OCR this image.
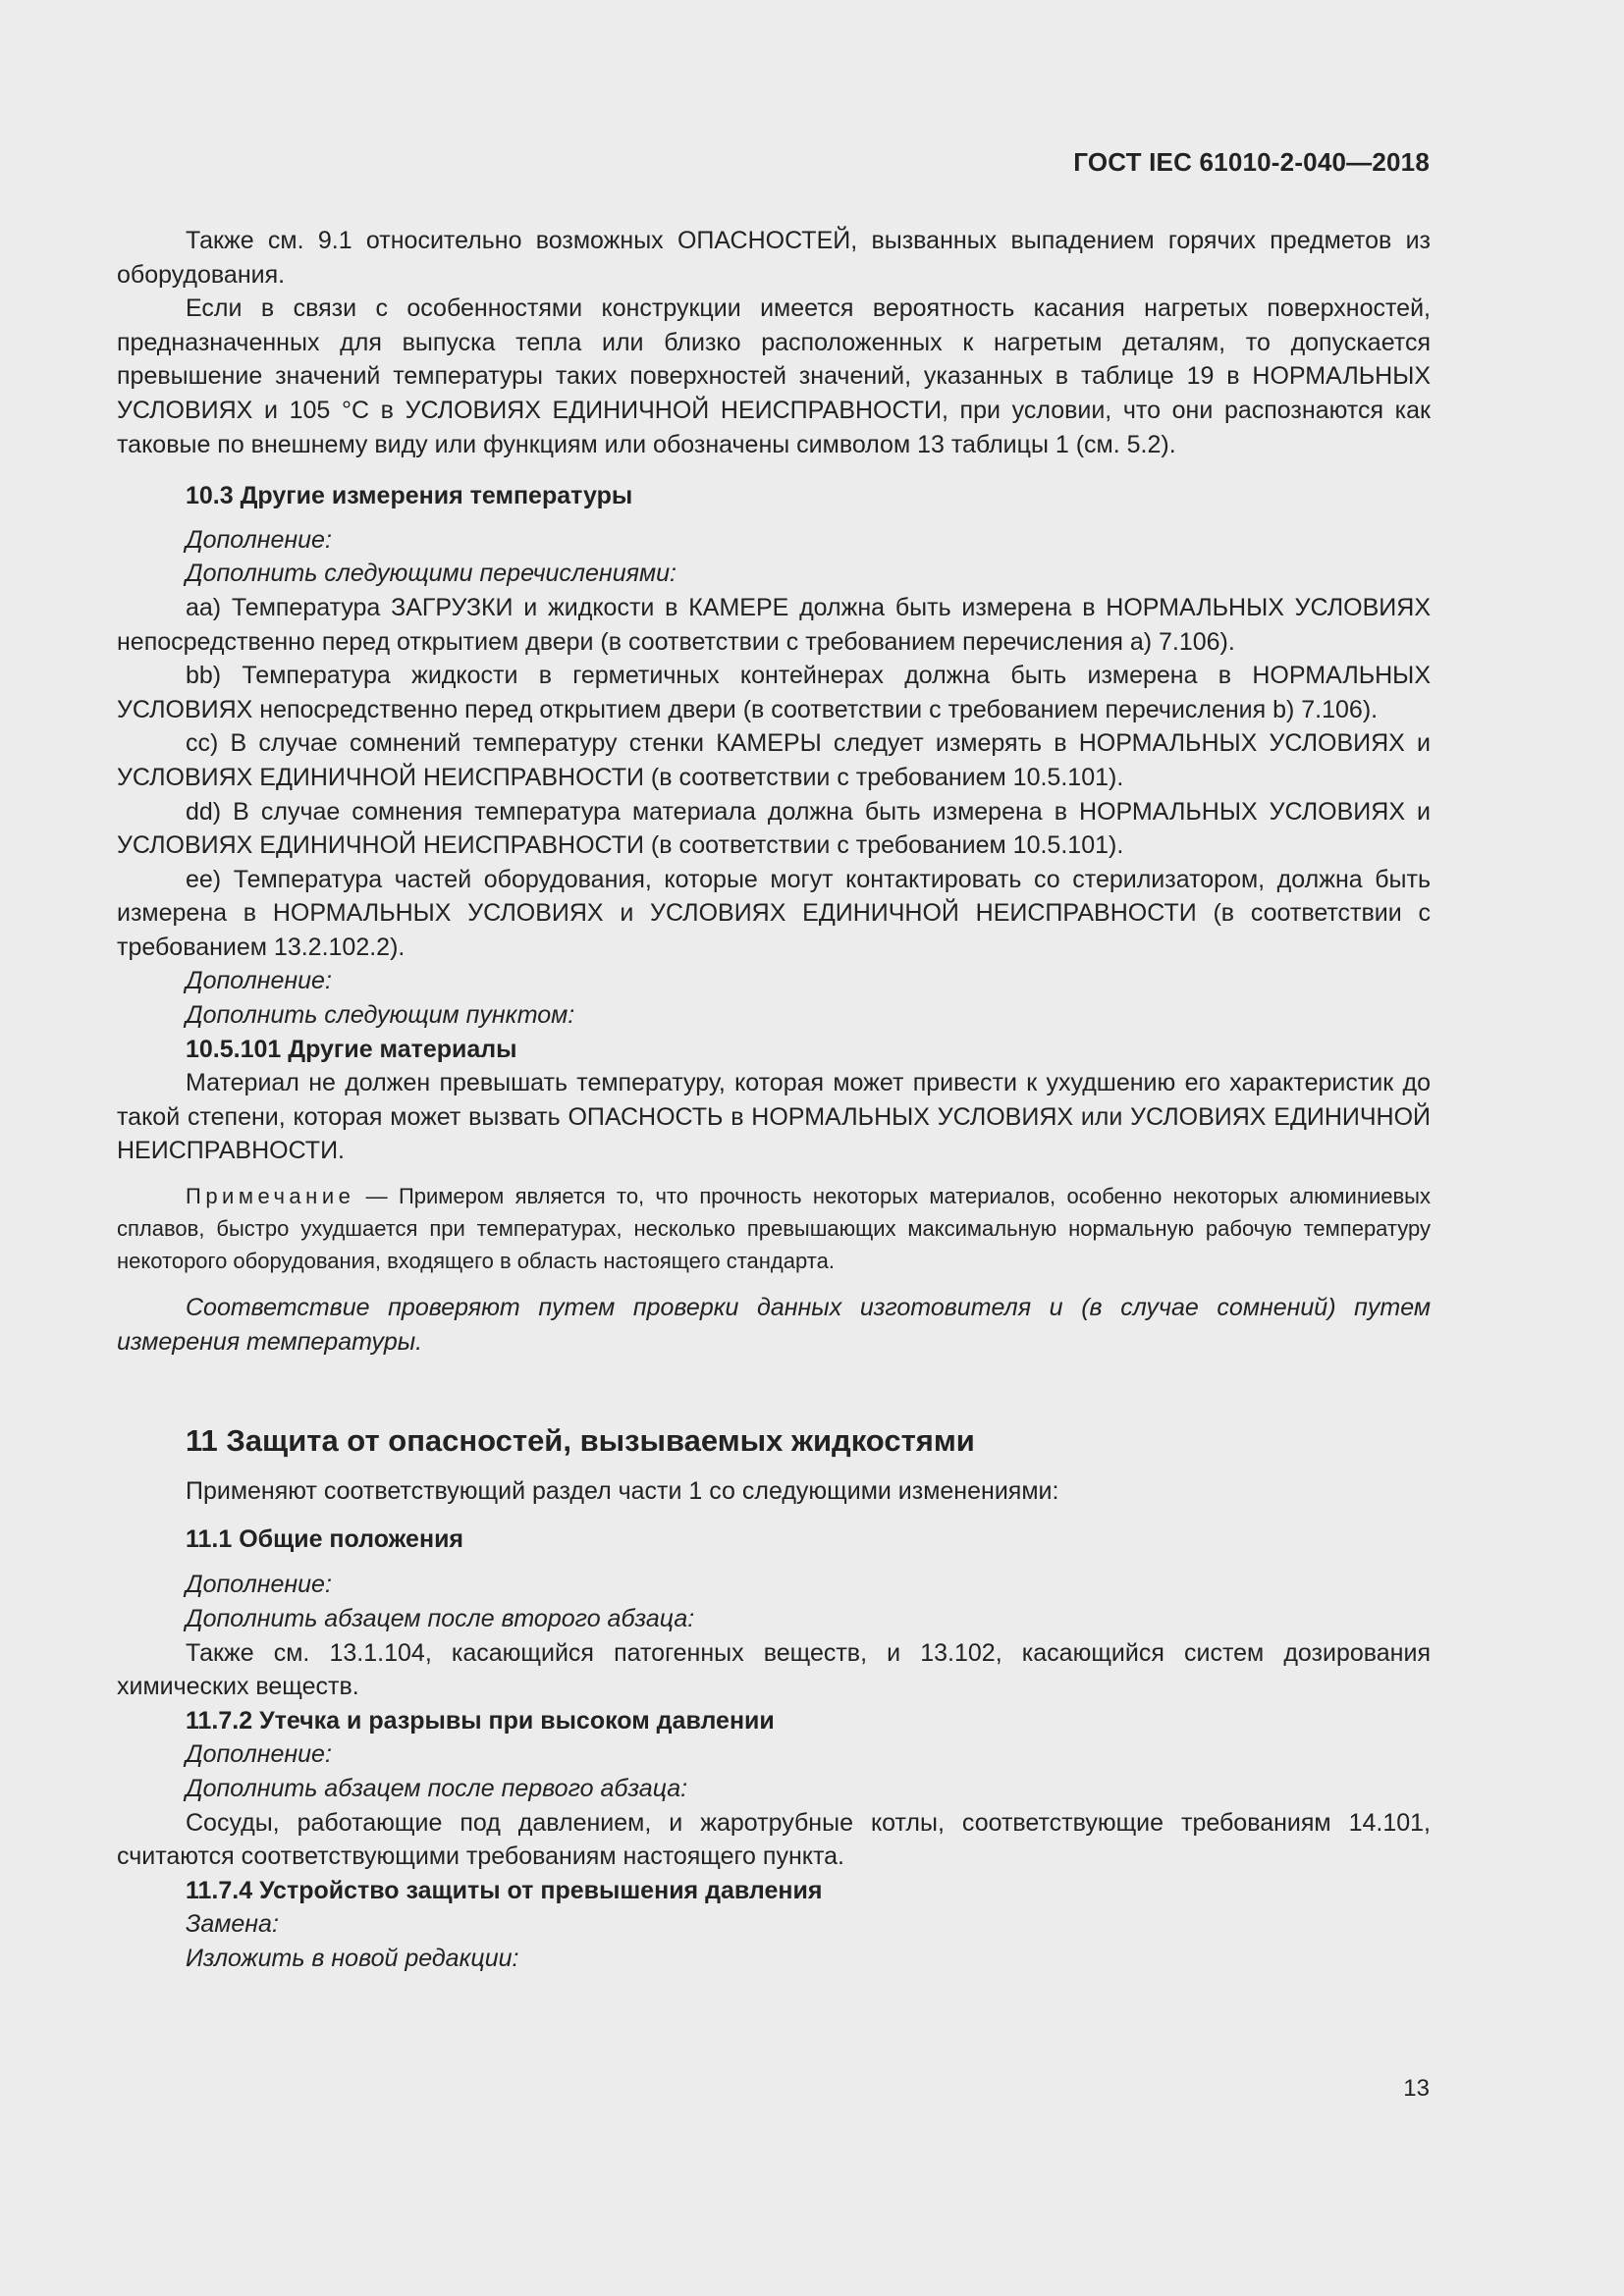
ГОСТ IEC 61010-2-040—2018

Также см. 9.1 относительно возможных ОПАСНОСТЕЙ, вызванных выпадением горячих предметов из оборудования.

Если в связи с особенностями конструкции имеется вероятность касания нагретых поверхностей, предназначенных для выпуска тепла или близко расположенных к нагретым деталям, то допускается превышение значений температуры таких поверхностей значений, указанных в таблице 19 в НОРМАЛЬНЫХ УСЛОВИЯХ и 105 °С в УСЛОВИЯХ ЕДИНИЧНОЙ НЕИСПРАВНОСТИ, при условии, что они распознаются как таковые по внешнему виду или функциям или обозначены символом 13 таблицы 1 (см. 5.2).

10.3 Другие измерения температуры

Дополнение:

Дополнить следующими перечислениями:

aa) Температура ЗАГРУЗКИ и жидкости в КАМЕРЕ должна быть измерена в НОРМАЛЬНЫХ УСЛОВИЯХ непосредственно перед открытием двери (в соответствии с требованием перечисления а) 7.106).

bb) Температура жидкости в герметичных контейнерах должна быть измерена в НОРМАЛЬНЫХ УСЛОВИЯХ непосредственно перед открытием двери (в соответствии с требованием перечисления b) 7.106).

cc) В случае сомнений температуру стенки КАМЕРЫ следует измерять в НОРМАЛЬНЫХ УСЛОВИЯХ и УСЛОВИЯХ ЕДИНИЧНОЙ НЕИСПРАВНОСТИ (в соответствии с требованием 10.5.101).

dd) В случае сомнения температура материала должна быть измерена в НОРМАЛЬНЫХ УСЛОВИЯХ и УСЛОВИЯХ ЕДИНИЧНОЙ НЕИСПРАВНОСТИ (в соответствии с требованием 10.5.101).

ee) Температура частей оборудования, которые могут контактировать со стерилизатором, должна быть измерена в НОРМАЛЬНЫХ УСЛОВИЯХ и УСЛОВИЯХ ЕДИНИЧНОЙ НЕИСПРАВНОСТИ (в соответствии с требованием 13.2.102.2).

Дополнение:

Дополнить следующим пунктом:

10.5.101 Другие материалы

Материал не должен превышать температуру, которая может привести к ухудшению его характеристик до такой степени, которая может вызвать ОПАСНОСТЬ в НОРМАЛЬНЫХ УСЛОВИЯХ или УСЛОВИЯХ ЕДИНИЧНОЙ НЕИСПРАВНОСТИ.

Примечание — Примером является то, что прочность некоторых материалов, особенно некоторых алюминиевых сплавов, быстро ухудшается при температурах, несколько превышающих максимальную нормальную рабочую температуру некоторого оборудования, входящего в область настоящего стандарта.

Соответствие проверяют путем проверки данных изготовителя и (в случае сомнений) путем измерения температуры.

11 Защита от опасностей, вызываемых жидкостями

Применяют соответствующий раздел части 1 со следующими изменениями:

11.1 Общие положения

Дополнение:

Дополнить абзацем после второго абзаца:

Также см. 13.1.104, касающийся патогенных веществ, и 13.102, касающийся систем дозирования химических веществ.

11.7.2 Утечка и разрывы при высоком давлении

Дополнение:

Дополнить абзацем после первого абзаца:

Сосуды, работающие под давлением, и жаротрубные котлы, соответствующие требованиям 14.101, считаются соответствующими требованиям настоящего пункта.

11.7.4 Устройство защиты от превышения давления

Замена:

Изложить в новой редакции:

13
